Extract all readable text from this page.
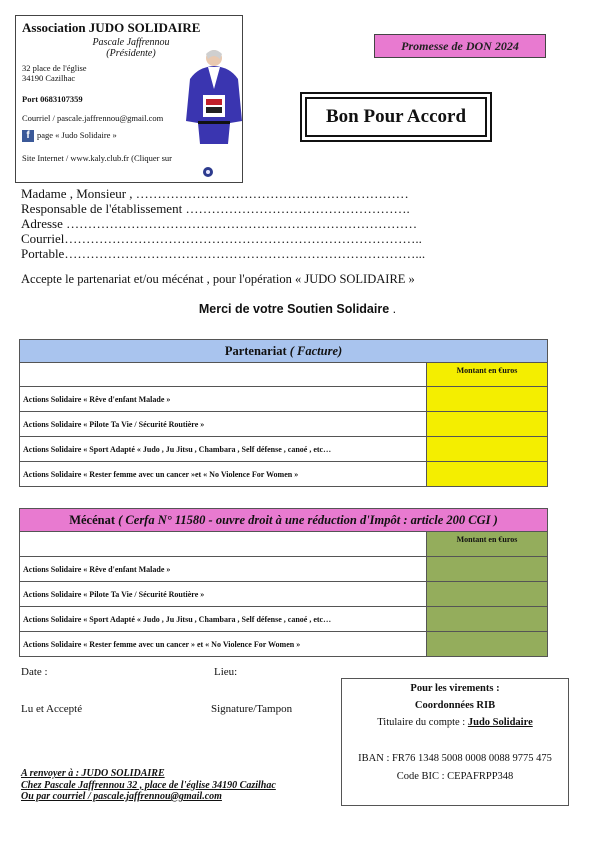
Association JUDO SOLIDAIRE
Pascale Jaffrennou
(Présidente)
32 place de l'église
34190 Cazilhac
Port 0683107359
Courriel / pascale.jaffrennou@gmail.com
f page « Judo Solidaire »
Site Internet / www.kaly.club.fr (Cliquer sur
Promesse de DON 2024
Bon Pour Accord
Madame , Monsieur , ………………………………………………………
Responsable de l'établissement …………………………………………….
Adresse ………………………………………………………………………
Courriel………………………………………………………………………..
Portable………………………………………………………………………...
Accepte le partenariat et/ou mécénat , pour l'opération « JUDO SOLIDAIRE »
Merci de votre Soutien Solidaire .
Partenariat ( Facture)
	Montant en €uros
Actions Solidaire « Rêve d'enfant Malade »	
Actions Solidaire « Pilote Ta Vie / Sécurité Routière »	
Actions Solidaire « Sport Adapté « Judo , Ju Jitsu , Chambara , Self défense , canoé , etc…	
Actions Solidaire « Rester femme avec un cancer »et « No Violence For Women »	
Mécénat ( Cerfa N° 11580 - ouvre droit à une réduction d'Impôt : article 200 CGI )
	Montant en €uros
Actions Solidaire « Rêve d'enfant Malade »	
Actions Solidaire « Pilote Ta Vie / Sécurité Routière »	
Actions Solidaire « Sport Adapté « Judo , Ju Jitsu , Chambara , Self défense , canoé , etc…	
Actions Solidaire « Rester femme avec un cancer » et « No Violence For Women »	
Date :	Lieu:
Lu et Accepté	Signature/Tampon
Pour les virements :
Coordonnées RIB
Titulaire du compte : Judo Solidaire
IBAN : FR76 1348 5008 0008 0088 9775 475
Code BIC : CEPAFRPP348
A renvoyer à : JUDO SOLIDAIRE
Chez Pascale Jaffrennou 32 , place de l'église 34190 Cazilhac
Ou par courriel / pascale.jaffrennou@gmail.com
